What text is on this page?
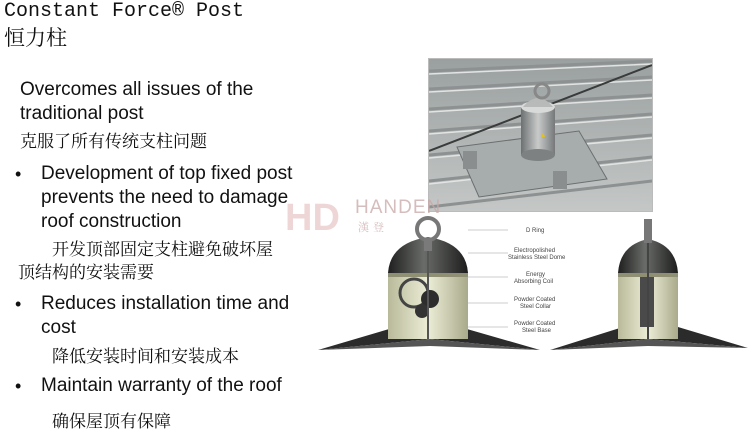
Constant Force® Post
恒力柱
Overcomes all issues of the traditional post
克服了所有传统支柱问题
• Development of top fixed post prevents the need to damage roof construction
开发顶部固定支柱避免破坏屋
顶结构的安装需要
• Reduces installation time and cost
降低安装时间和安装成本
• Maintain warranty of the roof
确保屋顶有保障
HD HANDEN
漢登	D Ring
Electropolished
Stainless Steel Dome
Energy
Absorbing Coil
Powder Coated
Steel Collar
Powder Coated
Steel Base
